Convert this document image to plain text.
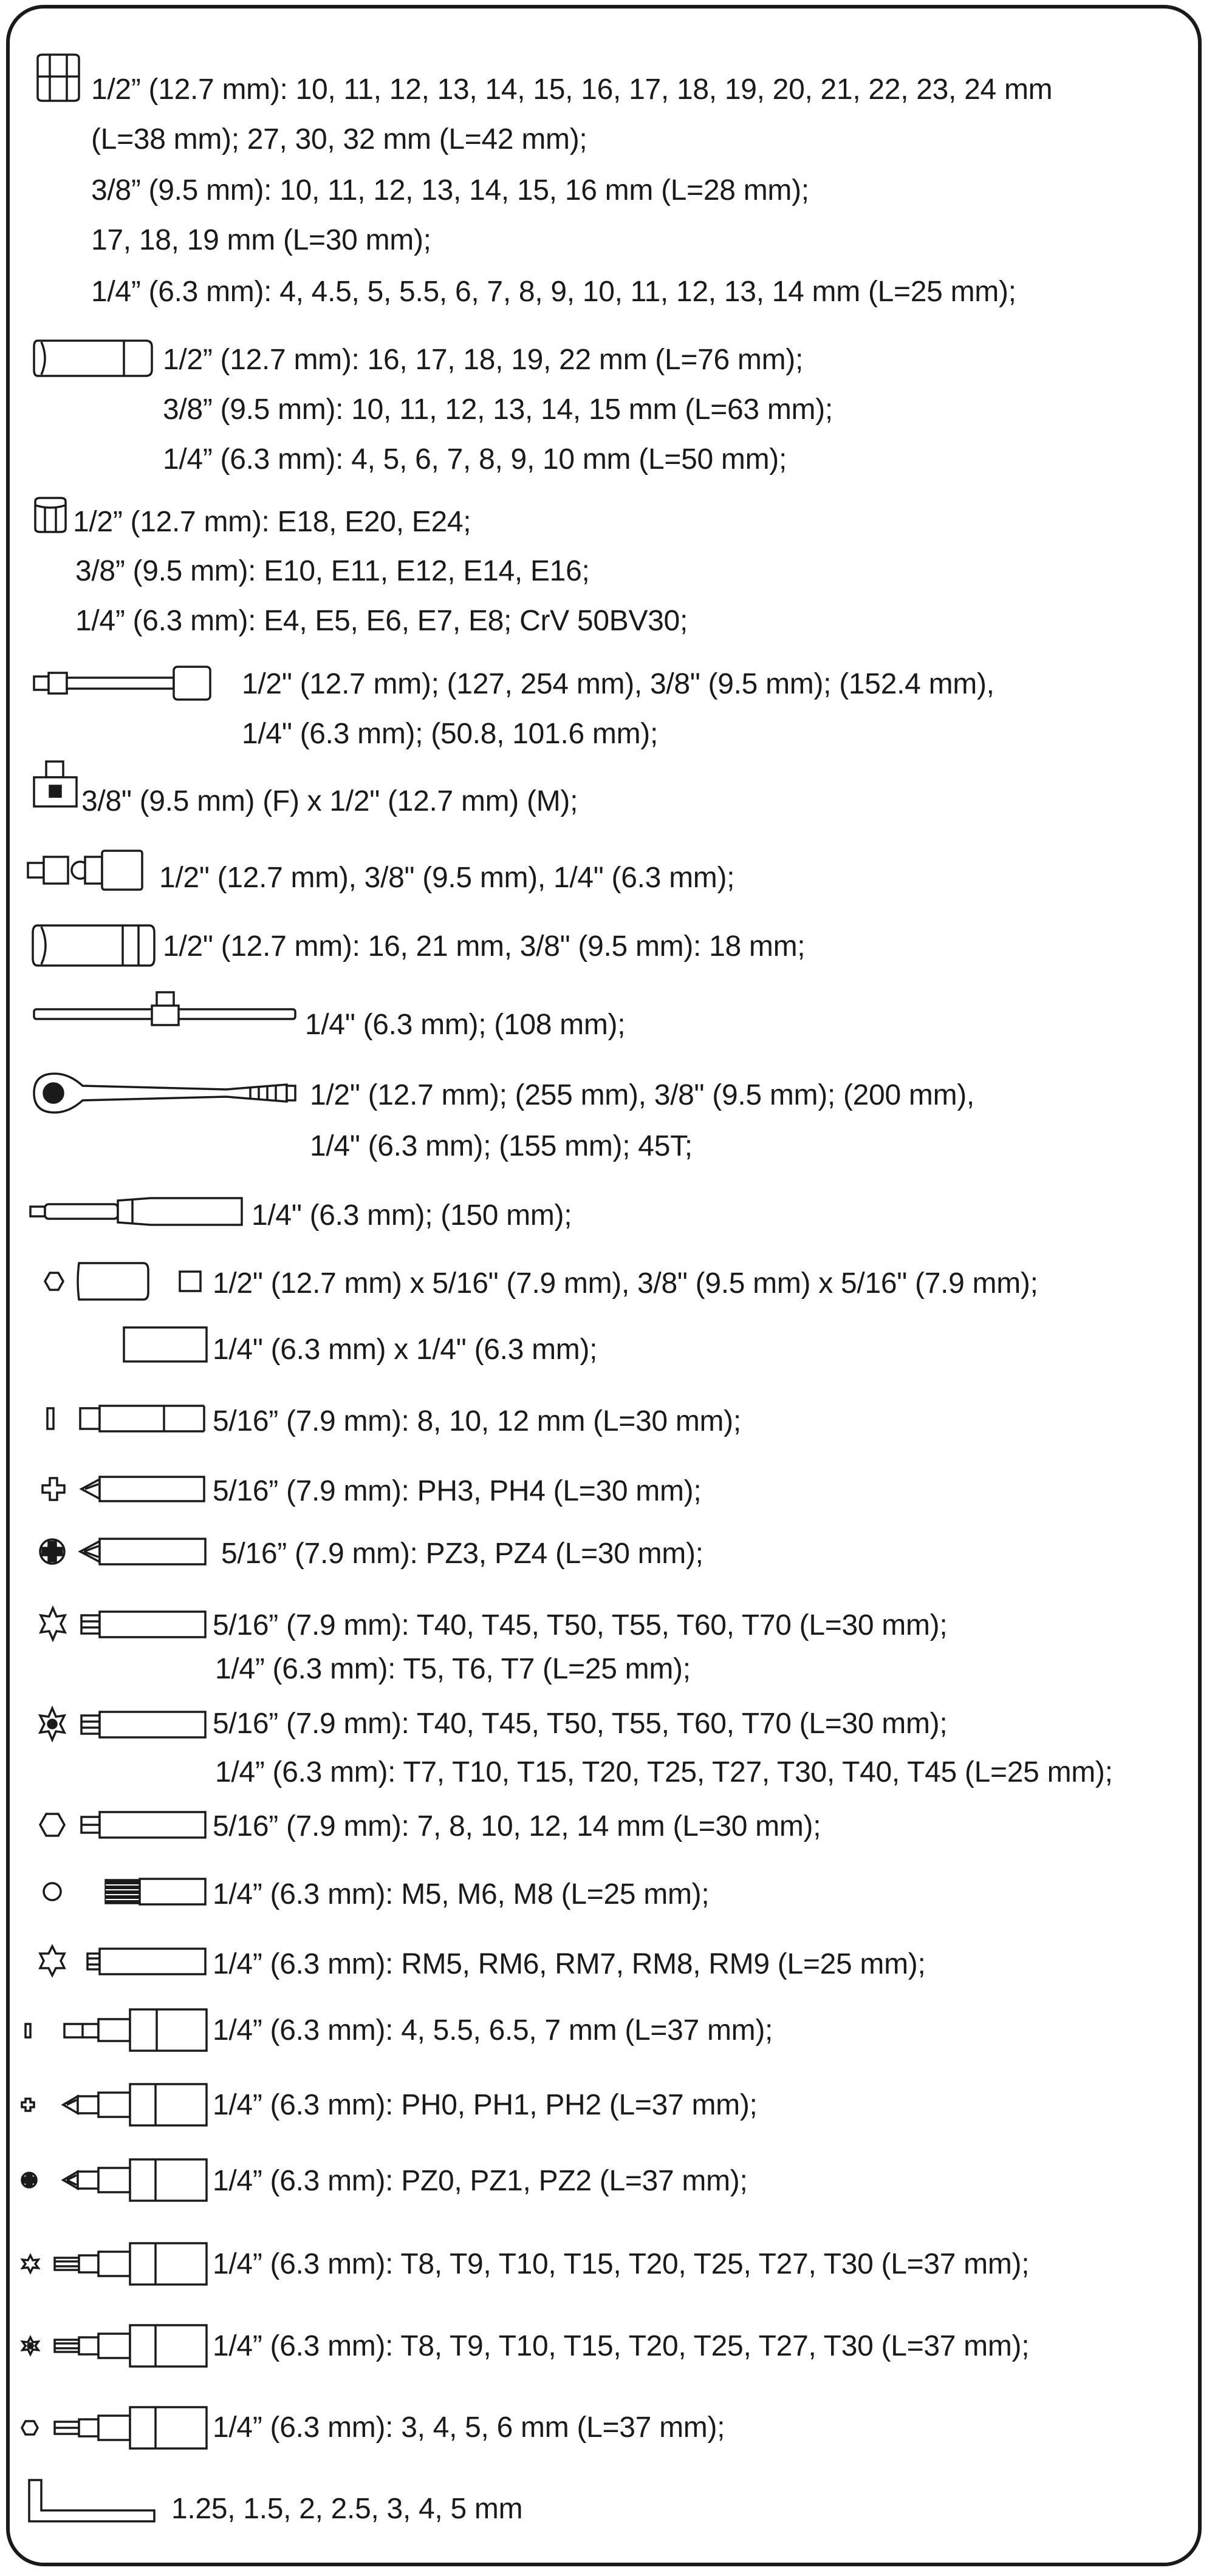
1/2” (12.7 mm): 10, 11, 12, 13, 14, 15, 16, 17, 18, 19, 20, 21, 22, 23, 24 mm
(L=38 mm); 27, 30, 32 mm (L=42 mm);
3/8” (9.5 mm): 10, 11, 12, 13, 14, 15, 16 mm (L=28 mm);
17, 18, 19 mm (L=30 mm);
1/4” (6.3 mm): 4, 4.5, 5, 5.5, 6, 7, 8, 9, 10, 11, 12, 13, 14 mm (L=25 mm);
1/2” (12.7 mm): 16, 17, 18, 19, 22 mm (L=76 mm);
3/8” (9.5 mm): 10, 11, 12, 13, 14, 15 mm (L=63 mm);
1/4” (6.3 mm): 4, 5, 6, 7, 8, 9, 10 mm (L=50 mm);
1/2” (12.7 mm): E18, E20, E24;
3/8” (9.5 mm): E10, E11, E12, E14, E16;
1/4” (6.3 mm): E4, E5, E6, E7, E8; CrV 50BV30;
1/2" (12.7 mm); (127, 254 mm), 3/8" (9.5 mm); (152.4 mm),
1/4" (6.3 mm); (50.8, 101.6 mm);
3/8" (9.5 mm) (F) x 1/2" (12.7 mm) (M);
1/2" (12.7 mm), 3/8" (9.5 mm), 1/4" (6.3 mm);
1/2" (12.7 mm): 16, 21 mm, 3/8" (9.5 mm): 18 mm;
1/4" (6.3 mm); (108 mm);
1/2" (12.7 mm); (255 mm), 3/8" (9.5 mm); (200 mm),
1/4" (6.3 mm); (155 mm); 45T;
1/4" (6.3 mm); (150 mm);
1/2" (12.7 mm) x 5/16" (7.9 mm), 3/8" (9.5 mm) x 5/16" (7.9 mm);
1/4" (6.3 mm) x 1/4" (6.3 mm);
5/16” (7.9 mm): 8, 10, 12 mm (L=30 mm);
5/16” (7.9 mm): PH3, PH4 (L=30 mm);
5/16” (7.9 mm): PZ3, PZ4 (L=30 mm);
5/16” (7.9 mm): T40, T45, T50, T55, T60, T70 (L=30 mm);
1/4” (6.3 mm): T5, T6, T7 (L=25 mm);
5/16” (7.9 mm): T40, T45, T50, T55, T60, T70 (L=30 mm);
1/4” (6.3 mm): T7, T10, T15, T20, T25, T27, T30, T40, T45 (L=25 mm);
5/16” (7.9 mm): 7, 8, 10, 12, 14 mm (L=30 mm);
1/4” (6.3 mm): M5, M6, M8 (L=25 mm);
1/4” (6.3 mm): RM5, RM6, RM7, RM8, RM9 (L=25 mm);
1/4” (6.3 mm): 4, 5.5, 6.5, 7 mm (L=37 mm);
1/4” (6.3 mm): PH0, PH1, PH2 (L=37 mm);
1/4” (6.3 mm): PZ0, PZ1, PZ2 (L=37 mm);
1/4” (6.3 mm): T8, T9, T10, T15, T20, T25, T27, T30 (L=37 mm);
1/4” (6.3 mm): T8, T9, T10, T15, T20, T25, T27, T30 (L=37 mm);
1/4” (6.3 mm): 3, 4, 5, 6 mm (L=37 mm);
1.25, 1.5, 2, 2.5, 3, 4, 5 mm
